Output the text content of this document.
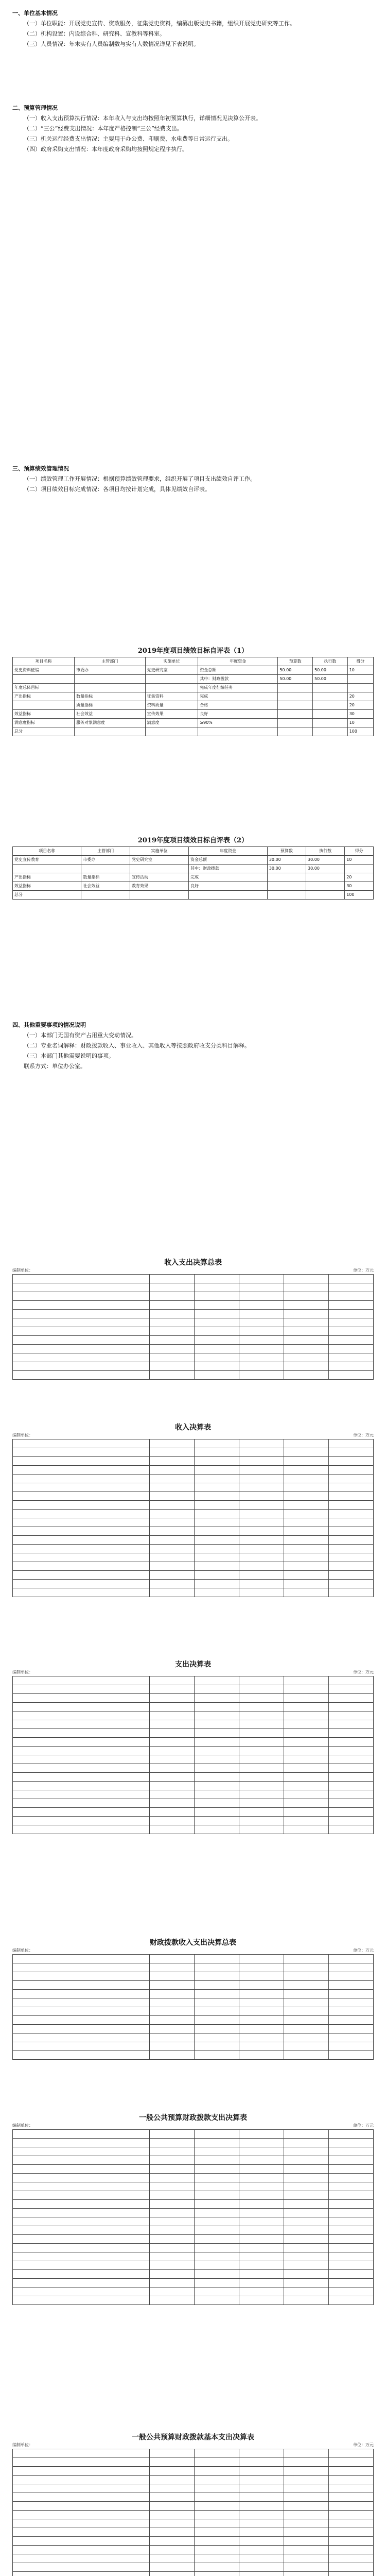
一、单位基本情况

（一）单位职能：开展党史宣传、资政服务，征集党史资料，编纂出版党史书籍，组织开展党史研究等工作。

（二）机构设置：内设综合科、研究科、宣教科等科室。

（三）人员情况：年末实有人员编制数与实有人数情况详见下表说明。

二、预算管理情况

（一）收入支出预算执行情况：本年收入与支出均按照年初预算执行，详细情况见决算公开表。

（二）“三公”经费支出情况：本年度严格控制“三公”经费支出。

（三）机关运行经费支出情况：主要用于办公费、印刷费、水电费等日常运行支出。

（四）政府采购支出情况：本年度政府采购均按照规定程序执行。

三、预算绩效管理情况

（一）绩效管理工作开展情况：根据预算绩效管理要求，组织开展了项目支出绩效自评工作。

（二）项目绩效目标完成情况：各项目均按计划完成，具体见绩效自评表。

2019年度项目绩效目标自评表（1）

项目名称	主管部门	实施单位	年度资金	预算数	执行数	得分
党史资料征编	市委办	党史研究室	资金总额	50.00	50.00	10
			其中：财政拨款	50.00	50.00	
年度总体目标			完成年度征编任务			
产出指标	数量指标	征集资料	完成			20
	质量指标	资料质量	合格			20
效益指标	社会效益	宣传效果	良好			30
满意度指标	服务对象满意度	满意度	≥90%			10
总分						100

2019年度项目绩效目标自评表（2）

项目名称	主管部门	实施单位	年度资金	预算数	执行数	得分
党史宣传教育	市委办	党史研究室	资金总额	30.00	30.00	10
			其中：财政拨款	30.00	30.00	
产出指标	数量指标	宣传活动	完成			20
效益指标	社会效益	教育效果	良好			30
总分						100

四、其他重要事项的情况说明

（一）本部门无国有资产占用重大变动情况。

（二）专业名词解释：财政拨款收入、事业收入、其他收入等按照政府收支分类科目解释。

（三）本部门其他需要说明的事项。

联系方式：单位办公室。

收入支出决算总表

编制单位：	单位：万元

收入决算表

编制单位：	单位：万元

支出决算表

编制单位：	单位：万元

财政拨款收入支出决算总表

编制单位：	单位：万元

一般公共预算财政拨款支出决算表

编制单位：	单位：万元

一般公共预算财政拨款基本支出决算表

编制单位：	单位：万元
